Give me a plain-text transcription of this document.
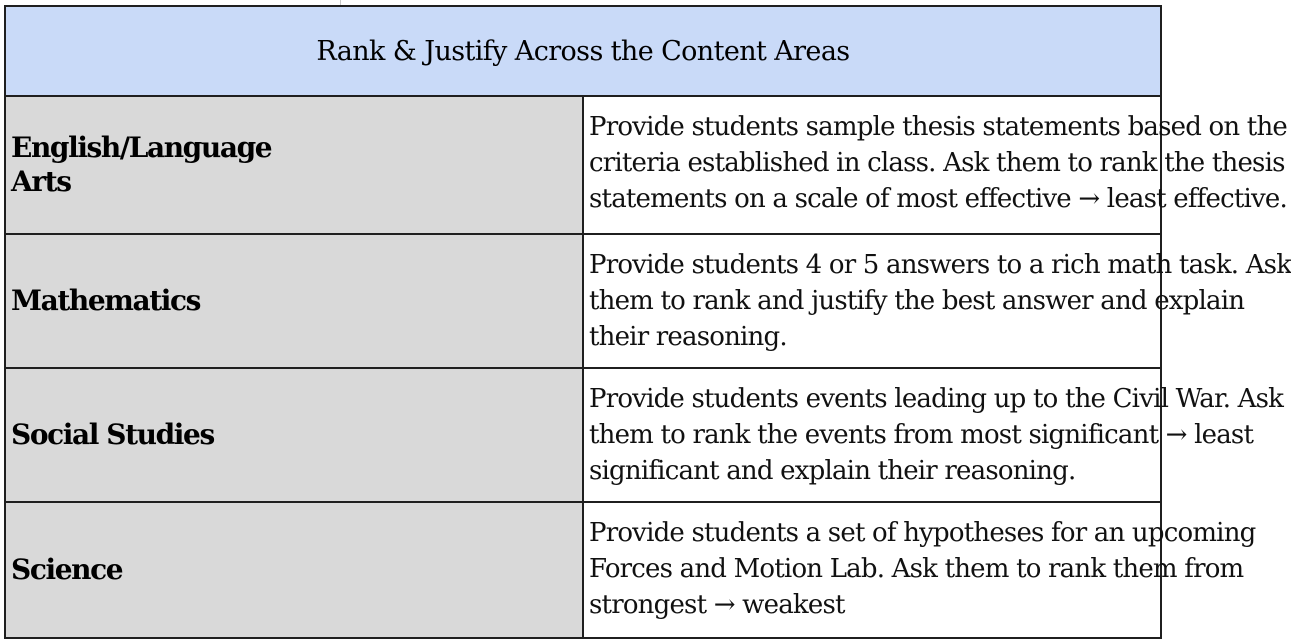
Rank & Justify Across the Content Areas	

English/Language
Arts	Provide students sample thesis statements based on the
criteria established in class. Ask them to rank the thesis
statements on a scale of most effective → least effective.

Mathematics	Provide students 4 or 5 answers to a rich math task. Ask
them to rank and justify the best answer and explain
their reasoning.

Social Studies	Provide students events leading up to the Civil War. Ask
them to rank the events from most significant → least
significant and explain their reasoning.

Science	Provide students a set of hypotheses for an upcoming
Forces and Motion Lab. Ask them to rank them from
strongest → weakest
